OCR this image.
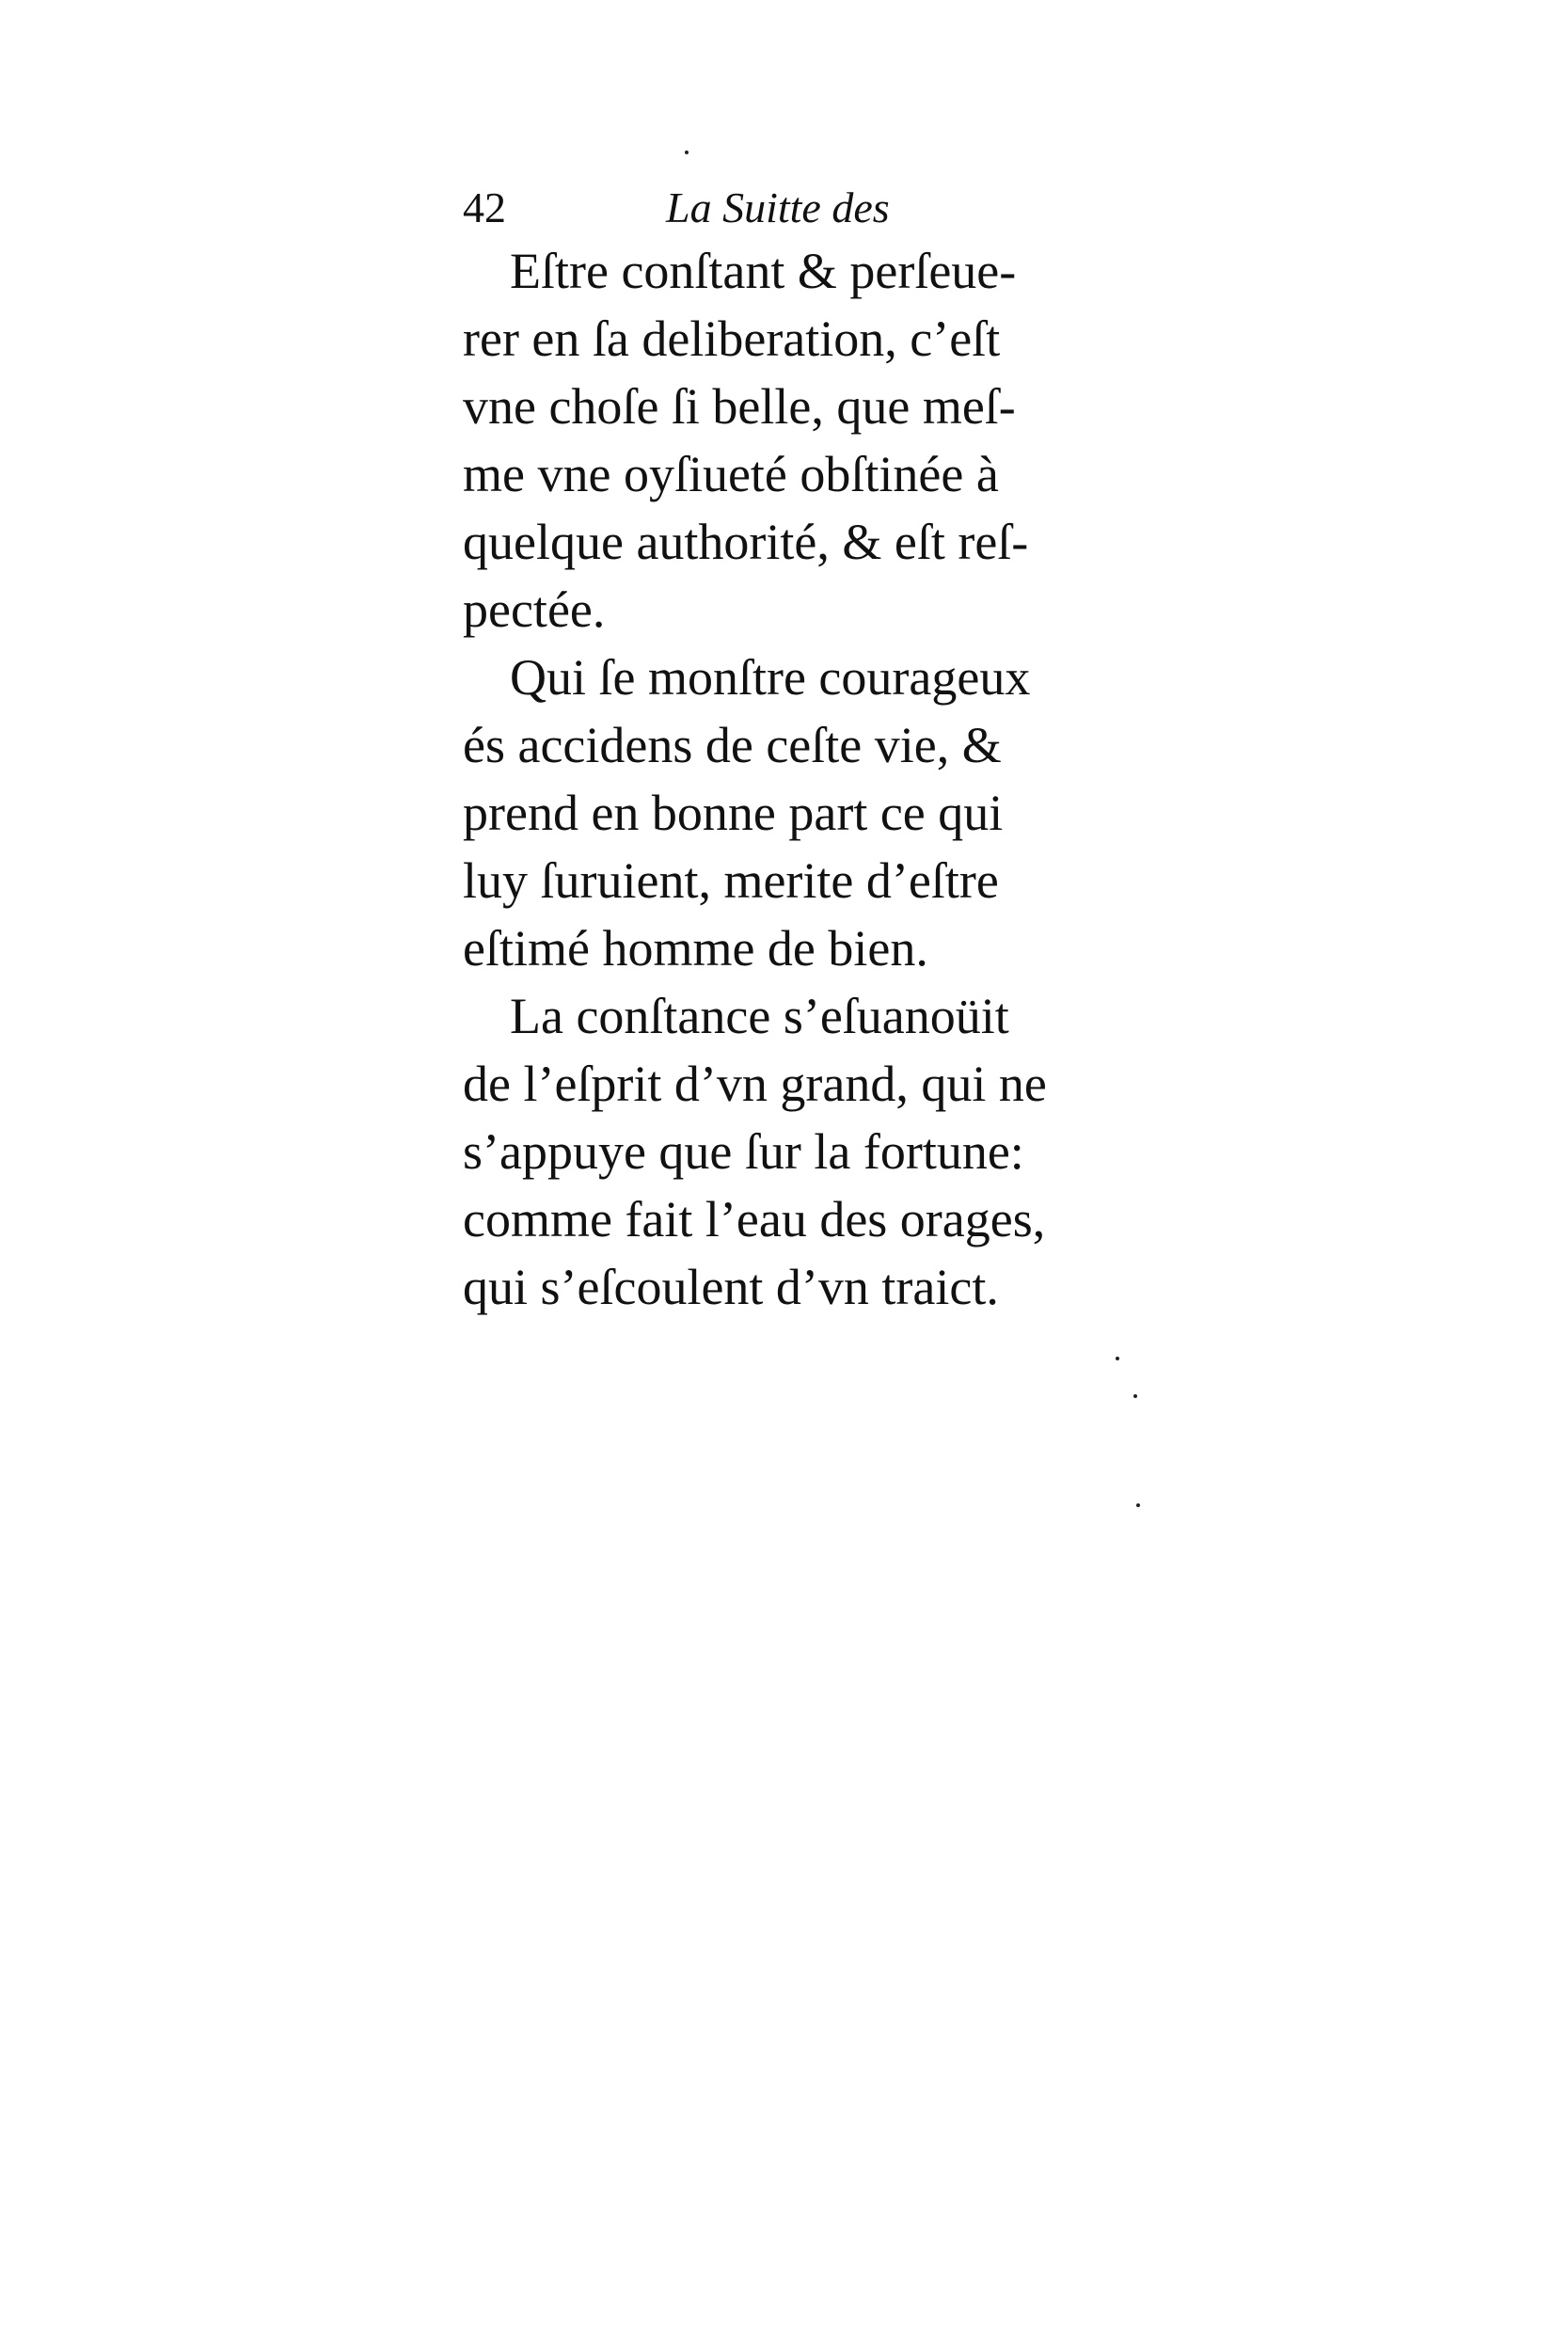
42	La Suitte des

Eſtre conſtant & perſeue-
rer en ſa deliberation, c’eſt
vne choſe ſi belle, que meſ-
me vne oyſiueté obſtinée à
quelque authorité, & eſt reſ-
pectée.

Qui ſe monſtre courageux
és accidens de ceſte vie, &
prend en bonne part ce qui
luy ſuruient, merite d’eſtre
eſtimé homme de bien.

La conſtance s’eſuanoüit
de l’eſprit d’vn grand, qui ne
s’appuye que ſur la fortune:
comme fait l’eau des orages,
qui s’eſcoulent d’vn traict.
